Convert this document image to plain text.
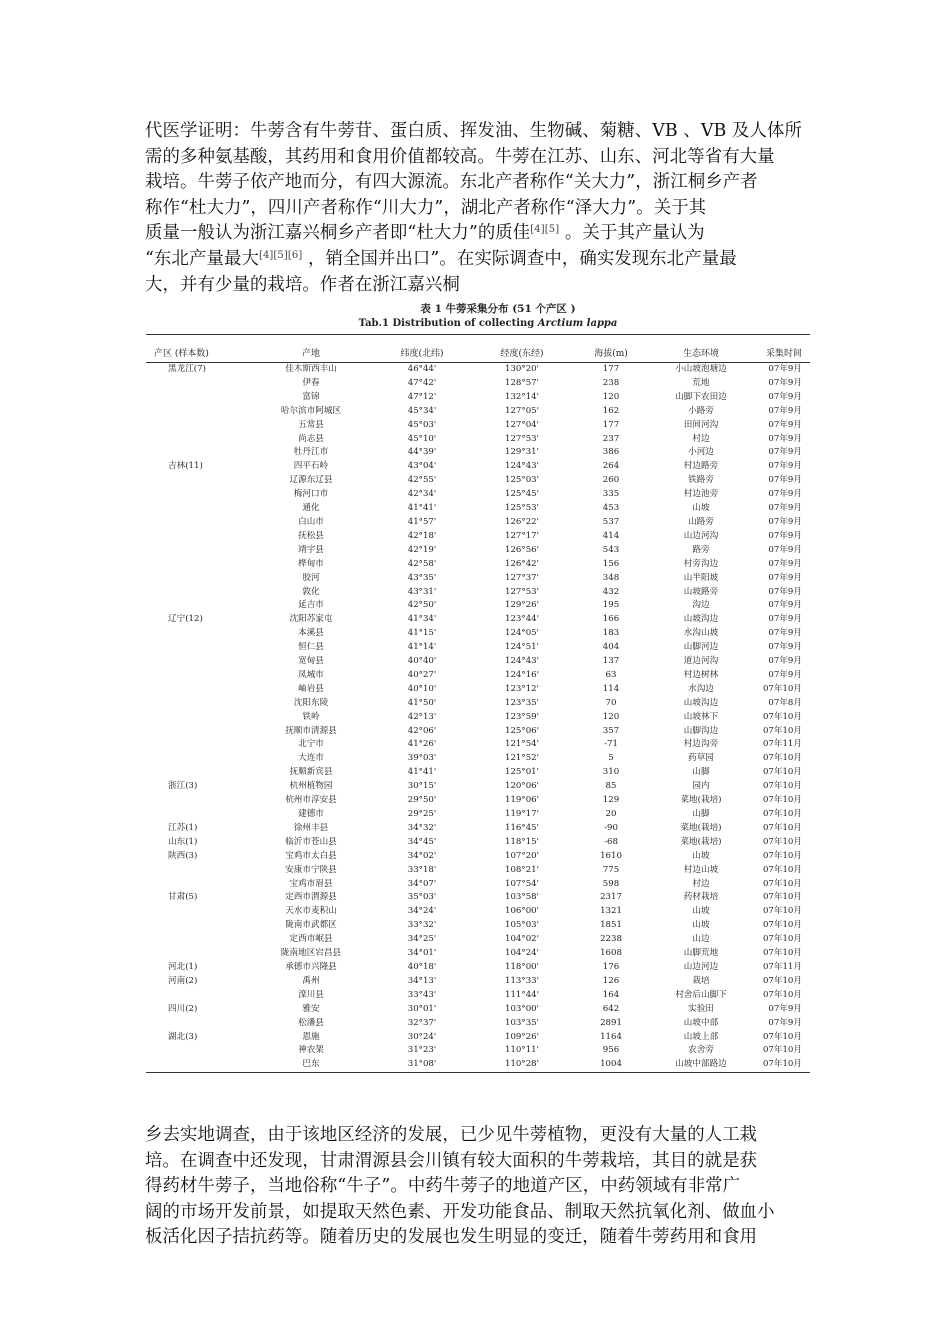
代医学证明：牛蒡含有牛蒡苷、蛋白质、挥发油、生物碱、菊糖、VB 、VB 及人体所
需的多种氨基酸，其药用和食用价值都较高。牛蒡在江苏、山东、河北等省有大量
栽培。牛蒡子依产地而分，有四大源流。东北产者称作“关大力”，浙江桐乡产者
称作“杜大力”，四川产者称作“川大力”，湖北产者称作“泽大力”。关于其
质量一般认为浙江嘉兴桐乡产者即“杜大力”的质佳[4][5] 。关于其产量认为
“东北产量最大[4][5][6] ，销全国并出口”。在实际调查中，确实发现东北产量最
大，并有少量的栽培。作者在浙江嘉兴桐
表 1 牛蒡采集分布 (51 个产区 )
Tab.1 Distribution of collecting Arctium lappa
产区 (样本数)	产地	纬度(北纬)	经度(东经)	海拔(m)	生态环境	采集时间
黑龙江(7)	佳木斯西丰山	46°44'	130°20'	177	小山坡泡塘边	07年9月
	伊春	47°42'	128°57'	238	荒地	07年9月
	富锦	47°12'	132°14'	120	山脚下农田边	07年9月
	哈尔滨市阿城区	45°34'	127°05'	162	小路旁	07年9月
	五常县	45°03'	127°04'	177	田间河沟	07年9月
	尚志县	45°10'	127°53'	237	村边	07年9月
	牡丹江市	44°39'	129°31'	386	小河边	07年9月
吉林(11)	四平石岭	43°04'	124°43'	264	村边路旁	07年9月
	辽源东辽县	42°55'	125°03'	260	铁路旁	07年9月
	梅河口市	42°34'	125°45'	335	村边池旁	07年9月
	通化	41°41'	125°53'	453	山坡	07年9月
	白山市	41°57'	126°22'	537	山路旁	07年9月
	抚松县	42°18'	127°17'	414	山边河沟	07年9月
	靖宇县	42°19'	126°56'	543	路旁	07年9月
	桦甸市	42°58'	126°42'	156	村旁沟边	07年9月
	胶河	43°35'	127°37'	348	山半阳坡	07年9月
	敦化	43°31'	127°53'	432	山坡路旁	07年9月
	延吉市	42°50'	129°26'	195	沟边	07年9月
辽宁(12)	沈阳苏家屯	41°34'	123°44'	166	山坡沟边	07年9月
	本溪县	41°15'	124°05'	183	水沟山坡	07年9月
	恒仁县	41°14'	124°51'	404	山脚河边	07年9月
	宽甸县	40°40'	124°43'	137	道边河沟	07年9月
	凤城市	40°27'	124°16'	63	村边树林	07年9月
	岫岩县	40°10'	123°12'	114	水沟边	07年10月
	沈阳东陵	41°50'	123°35'	70	山坡沟边	07年8月
	铁岭	42°13'	123°59'	120	山坡林下	07年10月
	抚顺市清源县	42°06'	125°06'	357	山脚沟边	07年10月
	北宁市	41°26'	121°54'	-71	村边沟旁	07年11月
	大连市	39°03'	121°52'	5	药草园	07年10月
	抚顺新宾县	41°41'	125°01'	310	山脚	07年10月
浙江(3)	杭州植物园	30°15'	120°06'	85	园内	07年10月
	杭州市淳安县	29°50'	119°06'	129	菜地(栽培)	07年10月
	建德市	29°25'	119°17'	20	山脚	07年10月
江苏(1)	徐州丰县	34°32'	116°45'	-90	菜地(栽培)	07年10月
山东(1)	临沂市苍山县	34°45'	118°15'	-68	菜地(栽培)	07年10月
陕西(3)	宝鸡市太白县	34°02'	107°20'	1610	山坡	07年10月
	安康市宁陕县	33°18'	108°21'	775	村边山坡	07年10月
	宝鸡市眉县	34°07'	107°54'	598	村边	07年10月
甘肃(5)	定西市渭源县	35°03'	103°58'	2317	药材栽培	07年10月
	天水市麦积山	34°24'	106°00'	1321	山坡	07年10月
	陇南市武都区	33°32'	105°03'	1851	山坡	07年10月
	定西市岷县	34°25'	104°02'	2238	山边	07年10月
	陇南地区宕昌县	34°01'	104°24'	1608	山脚荒地	07年10月
河北(1)	承德市兴隆县	40°18'	118°00'	176	山边河边	07年11月
河南(2)	禹州	34°13'	113°33'	126	栽培	07年10月
	滦川县	33°43'	111°44'	164	村舍后山脚下	07年10月
四川(2)	雅安	30°01'	103°00'	642	实验田	07年9月
	松潘县	32°37'	103°35'	2891	山坡中部	07年9月
湖北(3)	恩施	30°24'	109°26'	1164	山坡上部	07年10月
	神农架	31°23'	110°11'	956	农舍旁	07年10月
	巴东	31°08'	110°28'	1004	山坡中部路边	07年10月
乡去实地调查，由于该地区经济的发展，已少见牛蒡植物，更没有大量的人工栽
培。在调查中还发现，甘肃渭源县会川镇有较大面积的牛蒡栽培，其目的就是获
得药材牛蒡子，当地俗称“牛子”。中药牛蒡子的地道产区，中药领域有非常广
阔的市场开发前景，如提取天然色素、开发功能食品、制取天然抗氧化剂、做血小
板活化因子拮抗药等。随着历史的发展也发生明显的变迁，随着牛蒡药用和食用
